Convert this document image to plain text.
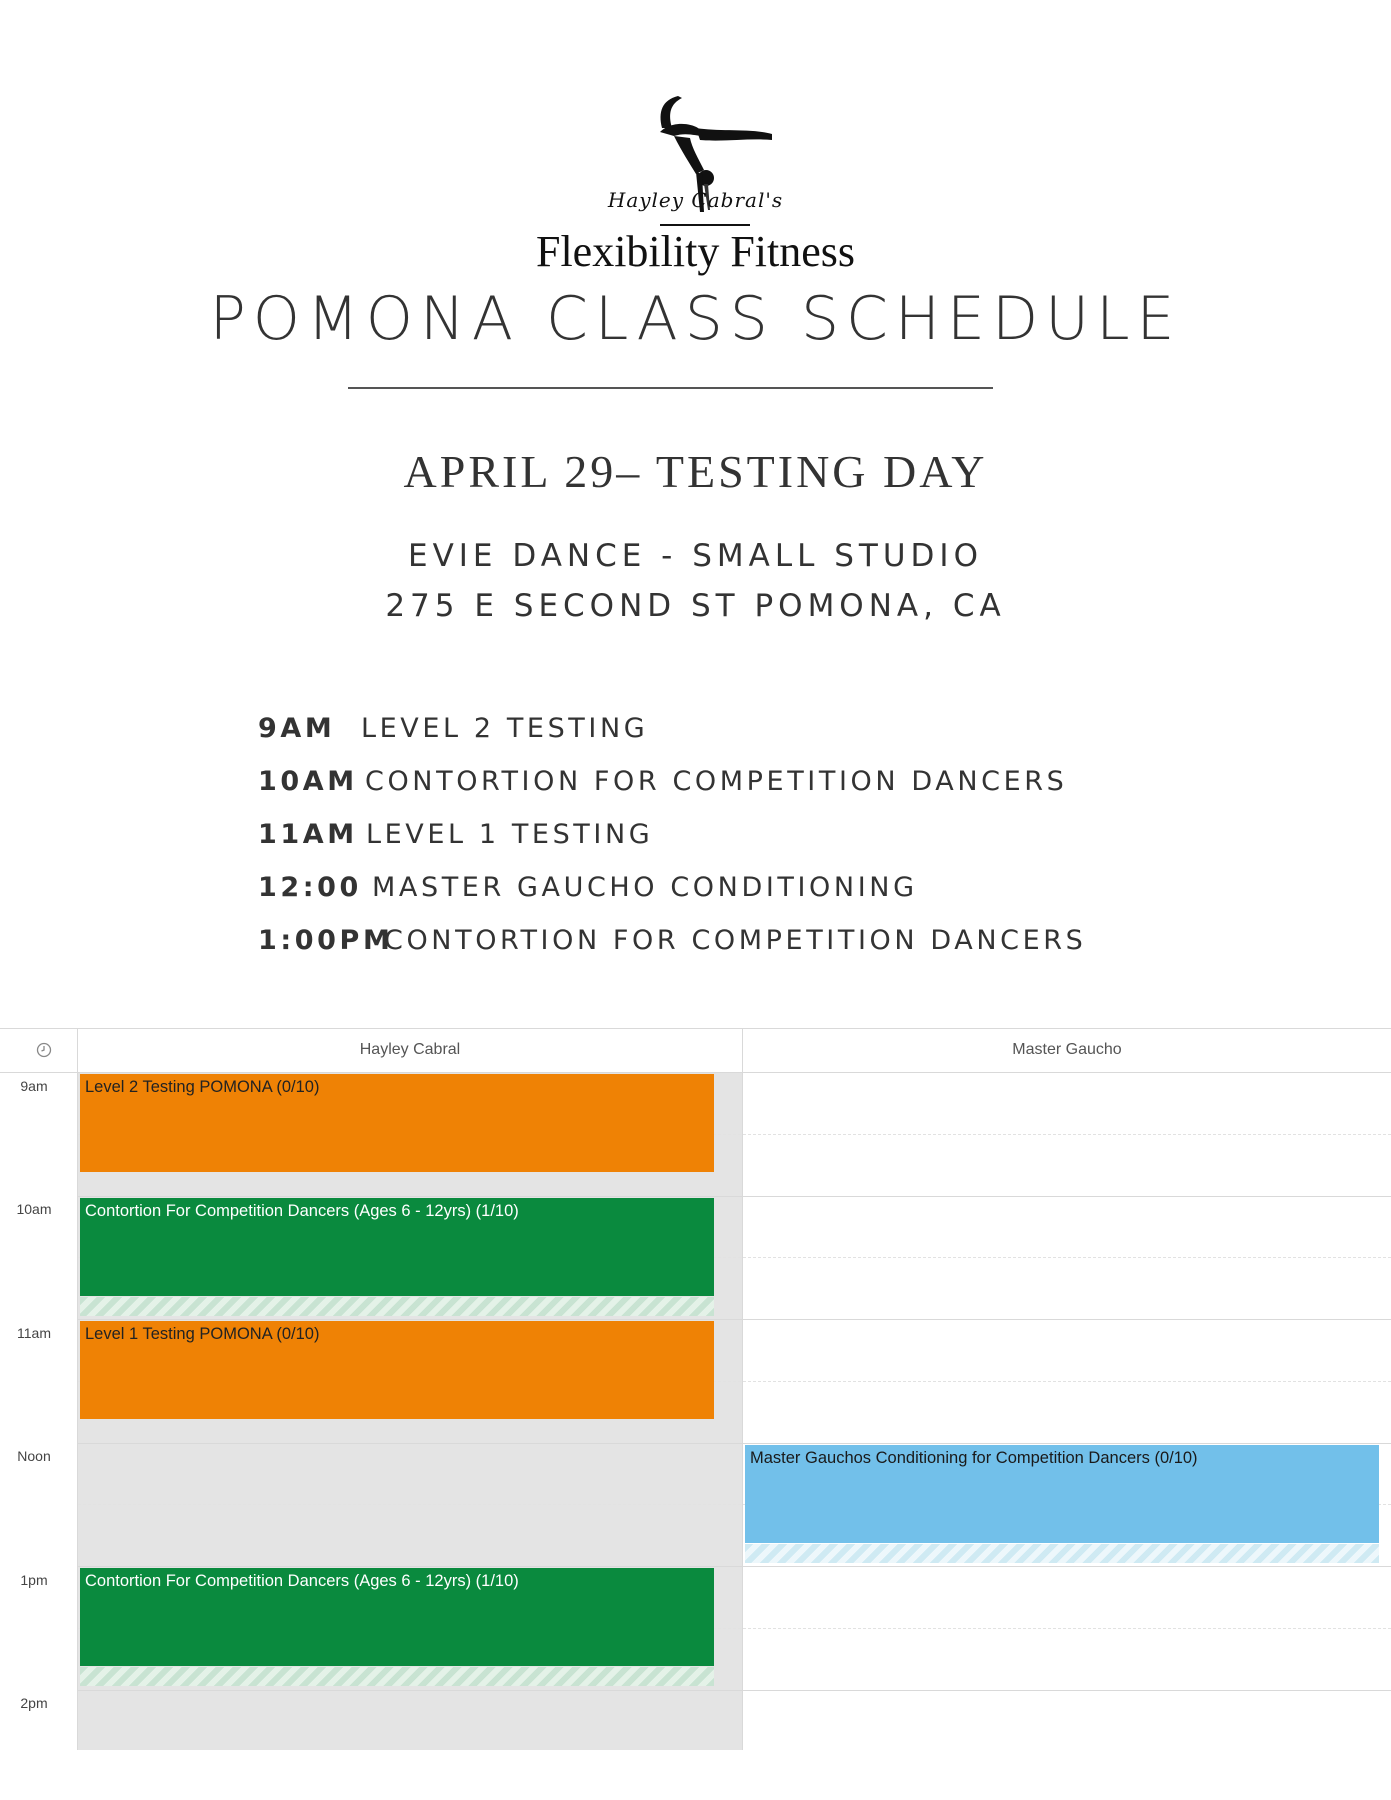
Hayley Cabral's
Flexibility Fitness
POMONA CLASS SCHEDULE
APRIL 29– TESTING DAY
EVIE DANCE - SMALL STUDIO
275 E SECOND ST POMONA, CA
9AM LEVEL 2 TESTING
10AM CONTORTION FOR COMPETITION DANCERS
11AM LEVEL 1 TESTING
12:00 MASTER GAUCHO CONDITIONING
1:00PMCONTORTION FOR COMPETITION DANCERS
Hayley Cabral	Master Gaucho
9am
10am
11am
Noon
1pm
2pm
Level 2 Testing POMONA (0/10)
Contortion For Competition Dancers (Ages 6 - 12yrs) (1/10)
Level 1 Testing POMONA (0/10)
Master Gauchos Conditioning for Competition Dancers (0/10)
Contortion For Competition Dancers (Ages 6 - 12yrs) (1/10)
